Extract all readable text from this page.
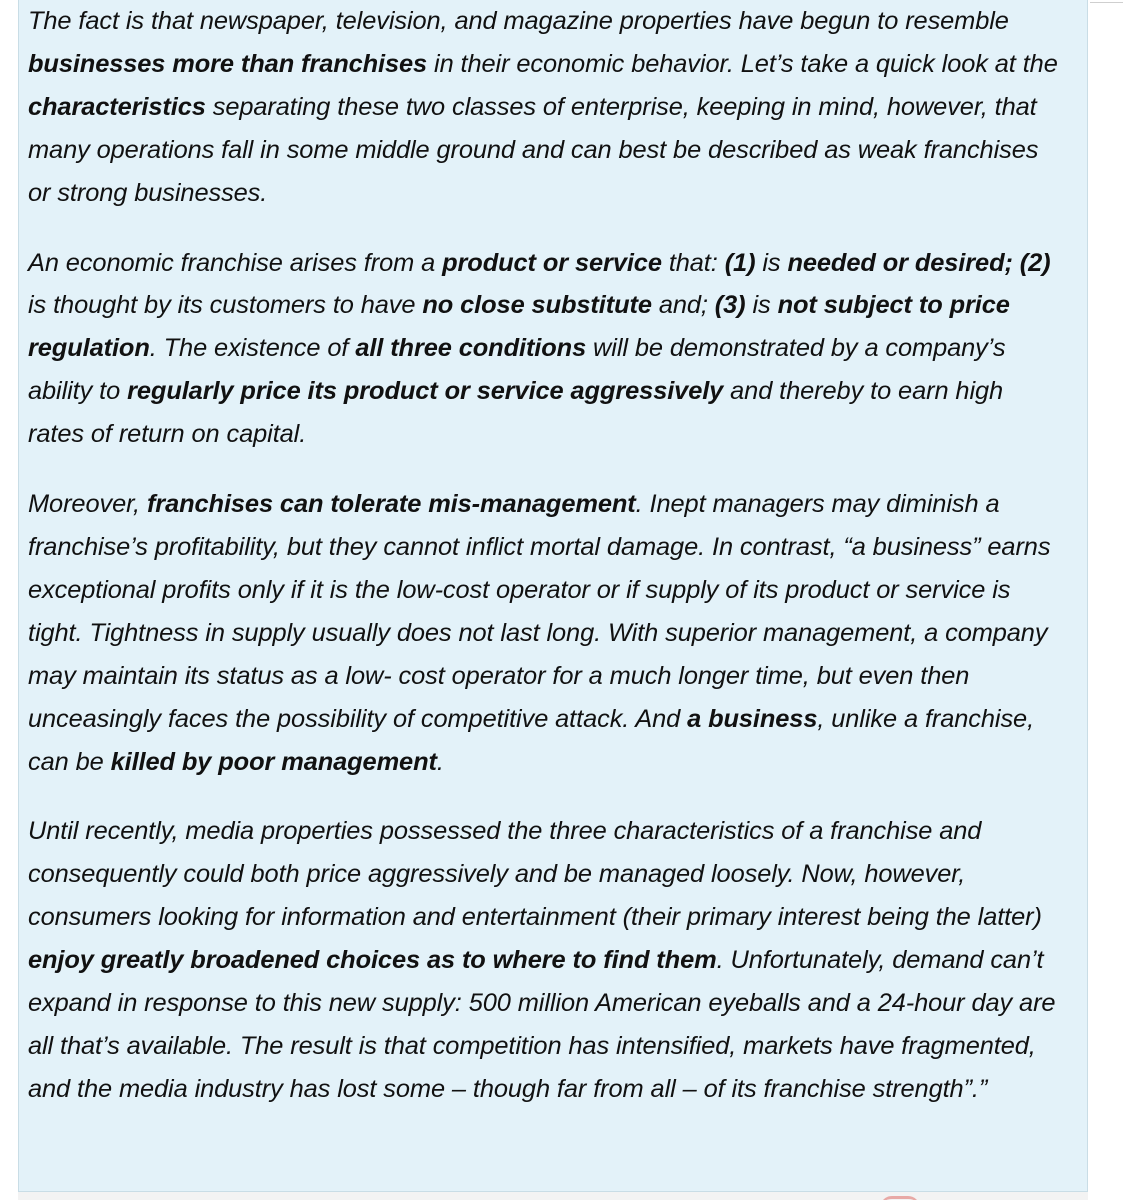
The fact is that newspaper, television, and magazine properties have begun to resemble businesses more than franchises in their economic behavior. Let’s take a quick look at the characteristics separating these two classes of enterprise, keeping in mind, however, that many operations fall in some middle ground and can best be described as weak franchises or strong businesses.

An economic franchise arises from a product or service that: (1) is needed or desired; (2) is thought by its customers to have no close substitute and; (3) is not subject to price regulation. The existence of all three conditions will be demonstrated by a company’s ability to regularly price its product or service aggressively and thereby to earn high rates of return on capital.

Moreover, franchises can tolerate mis-management. Inept managers may diminish a franchise’s profitability, but they cannot inflict mortal damage. In contrast, “a business” earns exceptional profits only if it is the low-cost operator or if supply of its product or service is tight. Tightness in supply usually does not last long. With superior management, a company may maintain its status as a low- cost operator for a much longer time, but even then unceasingly faces the possibility of competitive attack. And a business, unlike a franchise, can be killed by poor management.

Until recently, media properties possessed the three characteristics of a franchise and consequently could both price aggressively and be managed loosely. Now, however, consumers looking for information and entertainment (their primary interest being the latter) enjoy greatly broadened choices as to where to find them. Unfortunately, demand can’t expand in response to this new supply: 500 million American eyeballs and a 24-hour day are all that’s available. The result is that competition has intensified, markets have fragmented, and the media industry has lost some – though far from all – of its franchise strength”.”
